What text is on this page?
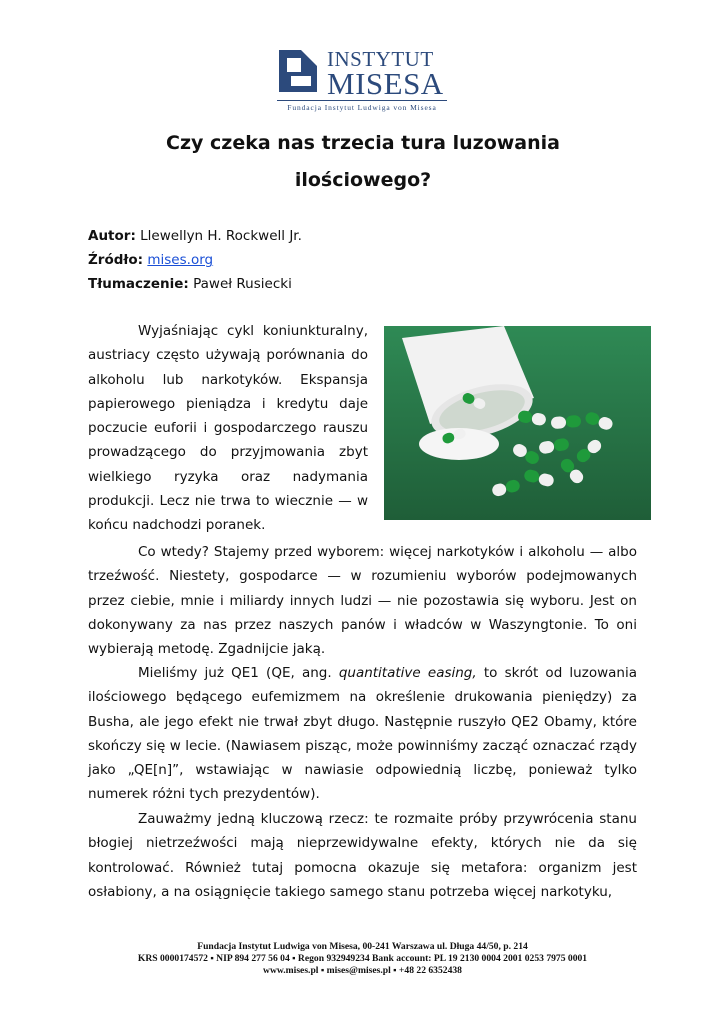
INSTYTUT
MISESA
Fundacja Instytut Ludwiga von Misesa
Czy czeka nas trzecia tura luzowania
ilościowego?
Autor: Llewellyn H. Rockwell Jr.
Źródło: mises.org
Tłumaczenie: Paweł Rusiecki

Wyjaśniając cykl koniunkturalny, austriacy często używają porównania do alkoholu lub narkotyków. Ekspansja papierowego pieniądza i kredytu daje poczucie euforii i gospodarczego rauszu prowadzącego do przyjmowania zbyt wielkiego ryzyka oraz nadymania produkcji. Lecz nie trwa to wiecznie — w końcu nadchodzi poranek.

Co wtedy? Stajemy przed wyborem: więcej narkotyków i alkoholu — albo trzeźwość. Niestety, gospodarce — w rozumieniu wyborów podejmowanych przez ciebie, mnie i miliardy innych ludzi — nie pozostawia się wyboru. Jest on dokonywany za nas przez naszych panów i władców w Waszyngtonie. To oni wybierają metodę. Zgadnijcie jaką.

Mieliśmy już QE1 (QE, ang. quantitative easing, to skrót od luzowania ilościowego będącego eufemizmem na określenie drukowania pieniędzy) za Busha, ale jego efekt nie trwał zbyt długo. Następnie ruszyło QE2 Obamy, które skończy się w lecie. (Nawiasem pisząc, może powinniśmy zacząć oznaczać rządy jako „QE[n]”, wstawiając w nawiasie odpowiednią liczbę, ponieważ tylko numerek różni tych prezydentów).

Zauważmy jedną kluczową rzecz: te rozmaite próby przywrócenia stanu błogiej nietrzeźwości mają nieprzewidywalne efekty, których nie da się kontrolować. Również tutaj pomocna okazuje się metafora: organizm jest osłabiony, a na osiągnięcie takiego samego stanu potrzeba więcej narkotyku,

Fundacja Instytut Ludwiga von Misesa, 00-241 Warszawa ul. Długa 44/50, p. 214
KRS 0000174572 ▪ NIP 894 277 56 04 ▪ Regon 932949234 Bank account: PL 19 2130 0004 2001 0253 7975 0001
www.mises.pl ▪ mises@mises.pl ▪ +48 22 6352438
